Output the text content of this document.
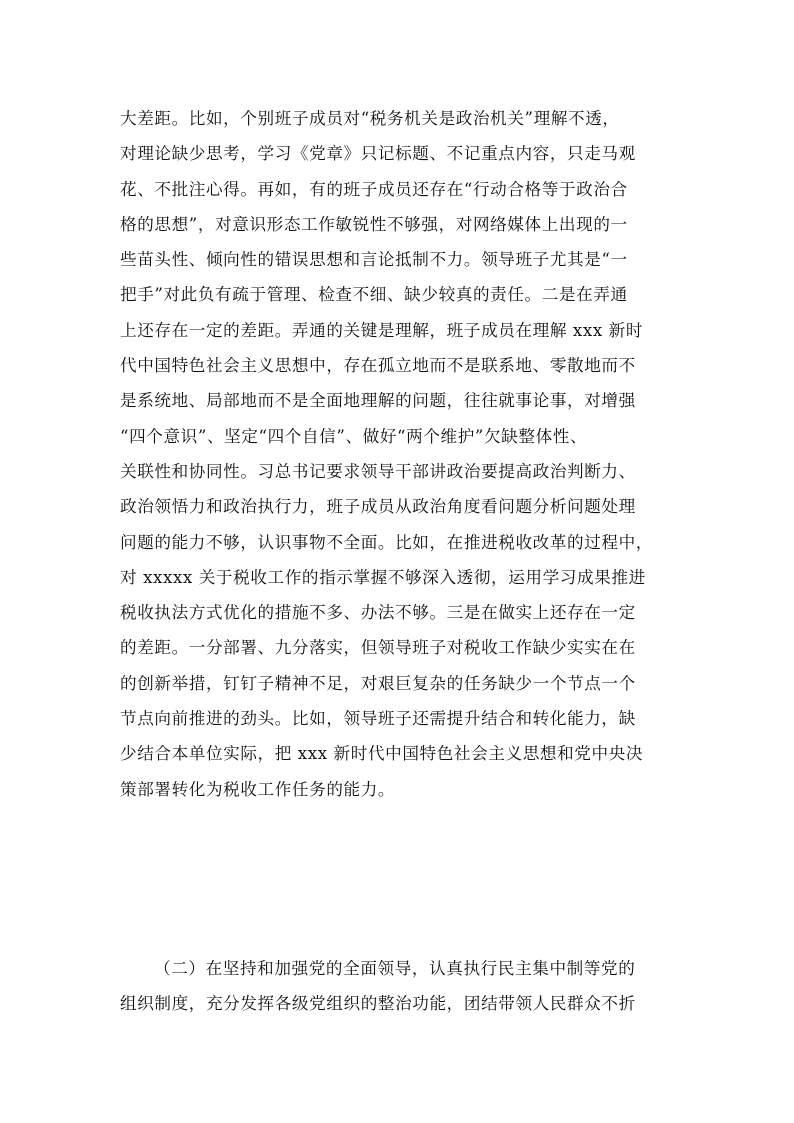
大差距。比如，个别班子成员对“税务机关是政治机关”理解不透，
对理论缺少思考，学习《党章》只记标题、不记重点内容，只走马观
花、不批注心得。再如，有的班子成员还存在“行动合格等于政治合
格的思想”，对意识形态工作敏锐性不够强，对网络媒体上出现的一
些苗头性、倾向性的错误思想和言论抵制不力。领导班子尤其是“一
把手”对此负有疏于管理、检查不细、缺少较真的责任。二是在弄通
上还存在一定的差距。弄通的关键是理解，班子成员在理解 xxx 新时
代中国特色社会主义思想中，存在孤立地而不是联系地、零散地而不
是系统地、局部地而不是全面地理解的问题，往往就事论事，对增强
“四个意识”、坚定“四个自信”、做好“两个维护”欠缺整体性、
关联性和协同性。习总书记要求领导干部讲政治要提高政治判断力、
政治领悟力和政治执行力，班子成员从政治角度看问题分析问题处理
问题的能力不够，认识事物不全面。比如，在推进税收改革的过程中，
对 xxxxx 关于税收工作的指示掌握不够深入透彻，运用学习成果推进
税收执法方式优化的措施不多、办法不够。三是在做实上还存在一定
的差距。一分部署、九分落实，但领导班子对税收工作缺少实实在在
的创新举措，钉钉子精神不足，对艰巨复杂的任务缺少一个节点一个
节点向前推进的劲头。比如，领导班子还需提升结合和转化能力，缺
少结合本单位实际，把 xxx 新时代中国特色社会主义思想和党中央决
策部署转化为税收工作任务的能力。
（二）在坚持和加强党的全面领导，认真执行民主集中制等党的
组织制度，充分发挥各级党组织的整治功能，团结带领人民群众不折
